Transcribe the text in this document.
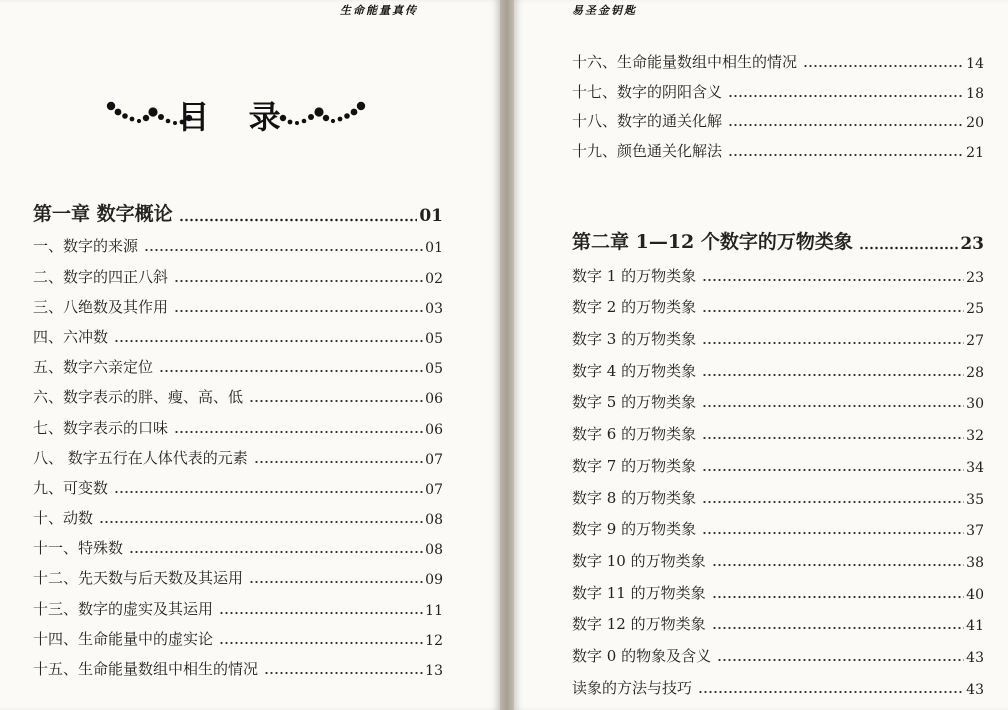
生命能量真传
目 录
第一章 数字概论	01
一、数字的来源	01
二、数字的四正八斜	02
三、八绝数及其作用	03
四、六冲数	05
五、数字六亲定位	05
六、数字表示的胖、瘦、高、低	06
七、数字表示的口味	06
八、 数字五行在人体代表的元素	07
九、可变数	07
十、动数	08
十一、特殊数	08
十二、先天数与后天数及其运用	09
十三、数字的虚实及其运用	11
十四、生命能量中的虚实论	12
十五、生命能量数组中相生的情况	13
易圣金钥匙
十六、生命能量数组中相生的情况	14
十七、数字的阴阳含义	18
十八、数字的通关化解	20
十九、颜色通关化解法	21
第二章 1—12 个数字的万物类象	23
数字 1 的万物类象	23
数字 2 的万物类象	25
数字 3 的万物类象	27
数字 4 的万物类象	28
数字 5 的万物类象	30
数字 6 的万物类象	32
数字 7 的万物类象	34
数字 8 的万物类象	35
数字 9 的万物类象	37
数字 10 的万物类象	38
数字 11 的万物类象	40
数字 12 的万物类象	41
数字 0 的物象及含义	43
读象的方法与技巧	43
